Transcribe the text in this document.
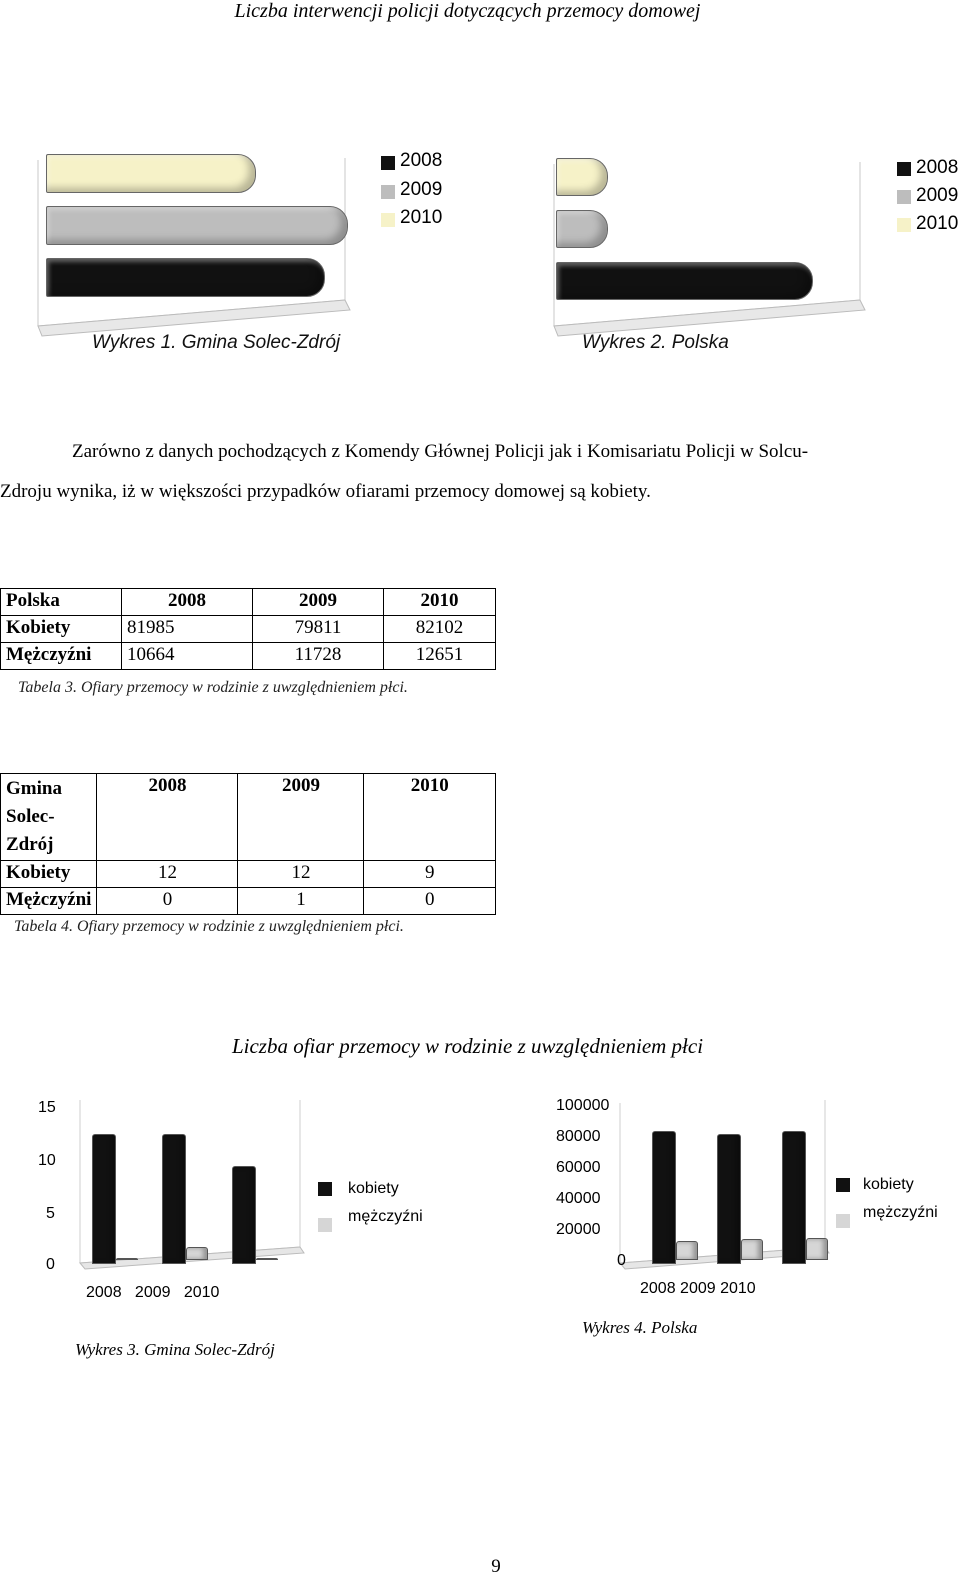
Liczba interwencji policji dotyczących przemocy domowej
2008
2009
2010
Wykres 1. Gmina Solec-Zdrój
2008
2009
2010
Wykres 2. Polska
Zarówno z danych pochodzących z Komendy Głównej Policji jak i Komisariatu Policji w Solcu-
Zdroju wynika, iż w większości przypadków ofiarami przemocy domowej są kobiety.
Polska	2008	2009	2010
Kobiety	81985	79811	82102
Mężczyźni	10664	11728	12651
Tabela 3. Ofiary przemocy w rodzinie z uwzględnieniem płci.
Gmina Solec-Zdrój	2008	2009	2010
Kobiety	12	12	9
Mężczyźni	0	1	0
Tabela 4. Ofiary przemocy w rodzinie z uwzględnieniem płci.
Liczba ofiar przemocy w rodzinie z uwzględnieniem płci
15
10
5
0
2008   2009   2010
kobiety
mężczyźni
Wykres 3. Gmina Solec-Zdrój
100000
80000
60000
40000
20000
0
2008 2009 2010
kobiety
mężczyźni
Wykres 4. Polska
9
